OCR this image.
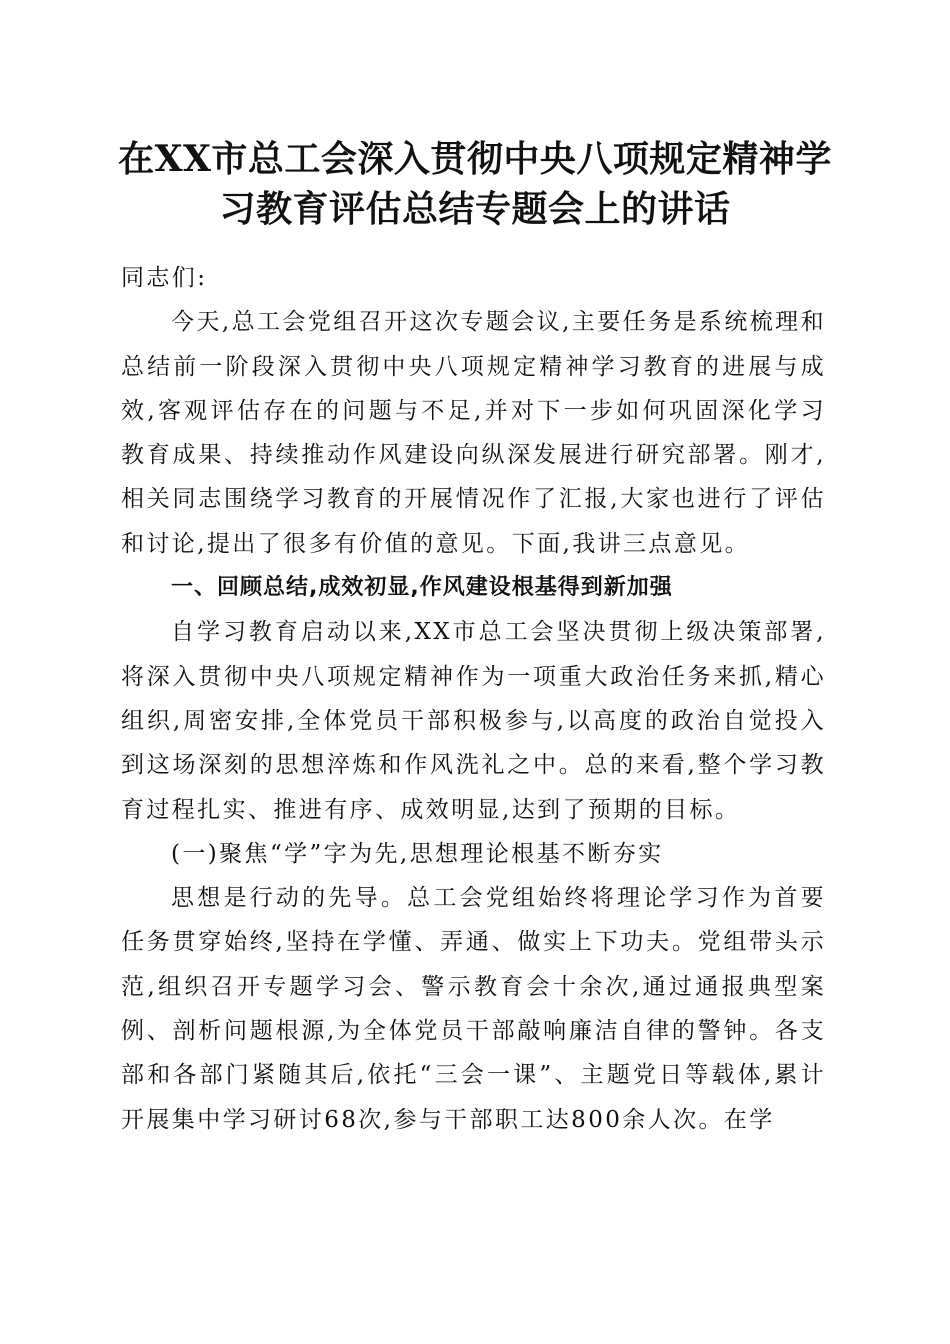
在XX市总工会深入贯彻中央八项规定精神学
习教育评估总结专题会上的讲话

同志们:

今天,总工会党组召开这次专题会议,主要任务是系统梳理和总结前一阶段深入贯彻中央八项规定精神学习教育的进展与成效,客观评估存在的问题与不足,并对下一步如何巩固深化学习教育成果、持续推动作风建设向纵深发展进行研究部署。刚才,相关同志围绕学习教育的开展情况作了汇报,大家也进行了评估和讨论,提出了很多有价值的意见。下面,我讲三点意见。

一、回顾总结,成效初显,作风建设根基得到新加强

自学习教育启动以来,XX市总工会坚决贯彻上级决策部署,将深入贯彻中央八项规定精神作为一项重大政治任务来抓,精心组织,周密安排,全体党员干部积极参与,以高度的政治自觉投入到这场深刻的思想淬炼和作风洗礼之中。总的来看,整个学习教育过程扎实、推进有序、成效明显,达到了预期的目标。

(一)聚焦“学”字为先,思想理论根基不断夯实

思想是行动的先导。总工会党组始终将理论学习作为首要任务贯穿始终,坚持在学懂、弄通、做实上下功夫。党组带头示范,组织召开专题学习会、警示教育会十余次,通过通报典型案例、剖析问题根源,为全体党员干部敲响廉洁自律的警钟。各支部和各部门紧随其后,依托“三会一课”、主题党日等载体,累计开展集中学习研讨68次,参与干部职工达800余人次。在学
